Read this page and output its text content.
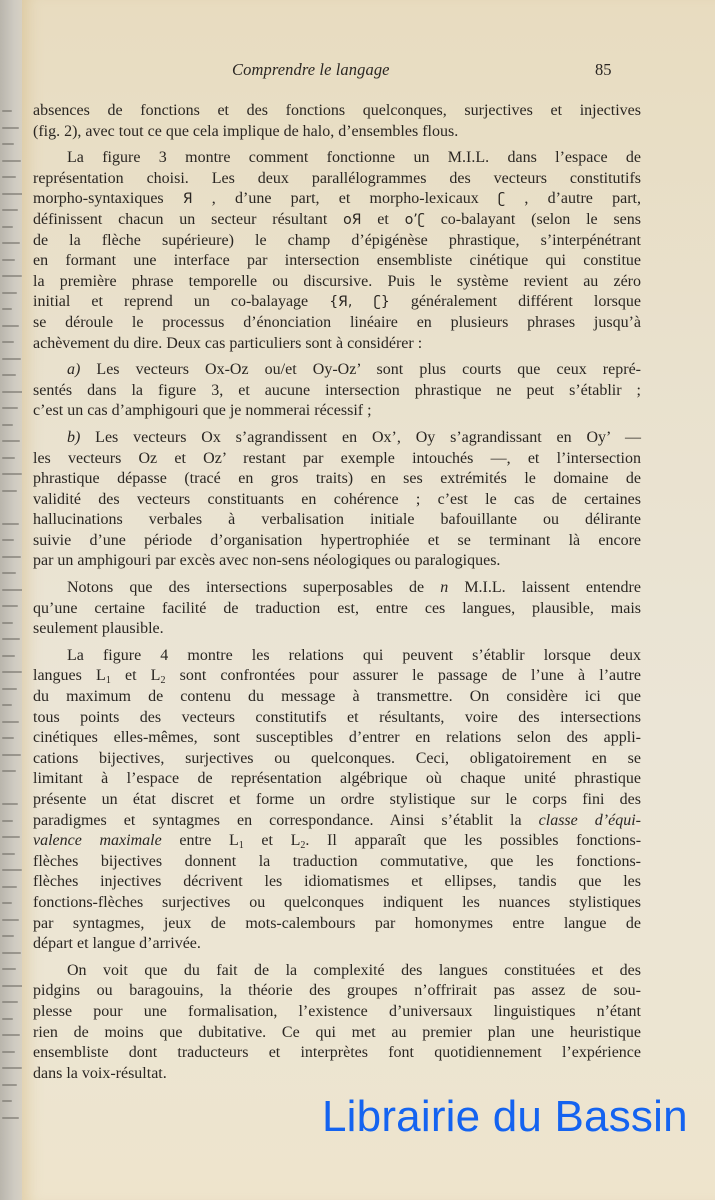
Comprendre le langage	85

absences de fonctions et des fonctions quelconques, surjectives et injectives
(fig. 2), avec tout ce que cela implique de halo, d’ensembles flous.

La figure 3 montre comment fonctionne un M.I.L. dans l’espace de
représentation choisi. Les deux parallélogrammes des vecteurs constitutifs
morpho-syntaxiques Я , d’une part, et morpho-lexicaux ʗ , d’autre part,
définissent chacun un secteur résultant oЯ et o’ʗ co-balayant (selon le sens
de la flèche supérieure) le champ d’épigénèse phrastique, s’interpénétrant
en formant une interface par intersection ensembliste cinétique qui constitue
la première phrase temporelle ou discursive. Puis le système revient au zéro
initial et reprend un co-balayage {Я, ʗ} généralement différent lorsque
se déroule le processus d’énonciation linéaire en plusieurs phrases jusqu’à
achèvement du dire. Deux cas particuliers sont à considérer :

a) Les vecteurs Ox-Oz ou/et Oy-Oz’ sont plus courts que ceux repré-
sentés dans la figure 3, et aucune intersection phrastique ne peut s’établir ;
c’est un cas d’amphigouri que je nommerai récessif ;

b) Les vecteurs Ox s’agrandissent en Ox’, Oy s’agrandissant en Oy’ —
les vecteurs Oz et Oz’ restant par exemple intouchés —, et l’intersection
phrastique dépasse (tracé en gros traits) en ses extrémités le domaine de
validité des vecteurs constituants en cohérence ; c’est le cas de certaines
hallucinations verbales à verbalisation initiale bafouillante ou délirante
suivie d’une période d’organisation hypertrophiée et se terminant là encore
par un amphigouri par excès avec non-sens néologiques ou paralogiques.

Notons que des intersections superposables de n M.I.L. laissent entendre
qu’une certaine facilité de traduction est, entre ces langues, plausible, mais
seulement plausible.

La figure 4 montre les relations qui peuvent s’établir lorsque deux
langues $L_1$ et $L_2$ sont confrontées pour assurer le passage de l’une à l’autre
du maximum de contenu du message à transmettre. On considère ici que
tous points des vecteurs constitutifs et résultants, voire des intersections
cinétiques elles-mêmes, sont susceptibles d’entrer en relations selon des appli-
cations bijectives, surjectives ou quelconques. Ceci, obligatoirement en se
limitant à l’espace de représentation algébrique où chaque unité phrastique
présente un état discret et forme un ordre stylistique sur le corps fini des
paradigmes et syntagmes en correspondance. Ainsi s’établit la classe d’équi-
valence maximale entre $L_1$ et $L_2$. Il apparaît que les possibles fonctions-
flèches bijectives donnent la traduction commutative, que les fonctions-
flèches injectives décrivent les idiomatismes et ellipses, tandis que les
fonctions-flèches surjectives ou quelconques indiquent les nuances stylistiques
par syntagmes, jeux de mots-calembours par homonymes entre langue de
départ et langue d’arrivée.

On voit que du fait de la complexité des langues constituées et des
pidgins ou baragouins, la théorie des groupes n’offrirait pas assez de sou-
plesse pour une formalisation, l’existence d’universaux linguistiques n’étant
rien de moins que dubitative. Ce qui met au premier plan une heuristique
ensembliste dont traducteurs et interprètes font quotidiennement l’expérience
dans la voix-résultat.

Librairie du Bassin
